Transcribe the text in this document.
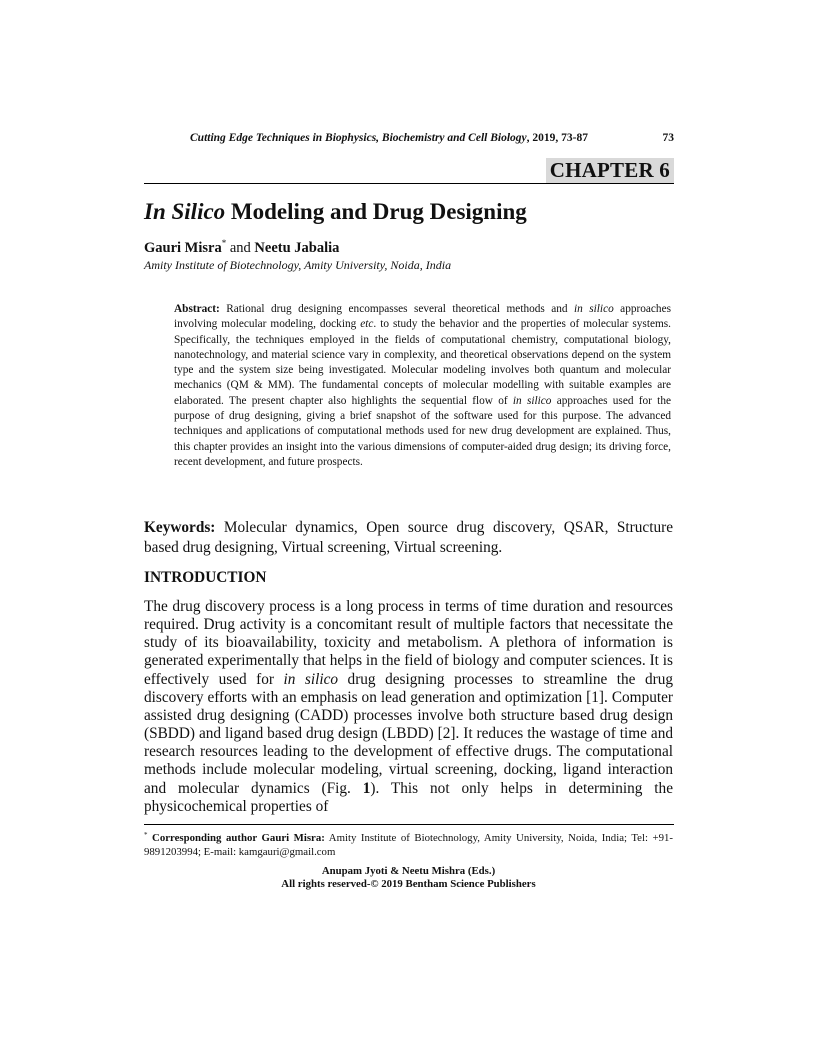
Cutting Edge Techniques in Biophysics, Biochemistry and Cell Biology, 2019, 73-87	73
CHAPTER 6
In Silico Modeling and Drug Designing
Gauri Misra* and Neetu Jabalia
Amity Institute of Biotechnology, Amity University, Noida, India

Abstract: Rational drug designing encompasses several theoretical methods and in silico approaches involving molecular modeling, docking etc. to study the behavior and the properties of molecular systems. Specifically, the techniques employed in the fields of computational chemistry, computational biology, nanotechnology, and material science vary in complexity, and theoretical observations depend on the system type and the system size being investigated. Molecular modeling involves both quantum and molecular mechanics (QM & MM). The fundamental concepts of molecular modelling with suitable examples are elaborated. The present chapter also highlights the sequential flow of in silico approaches used for the purpose of drug designing, giving a brief snapshot of the software used for this purpose. The advanced techniques and applications of computational methods used for new drug development are explained. Thus, this chapter provides an insight into the various dimensions of computer-aided drug design; its driving force, recent development, and future prospects.

Keywords: Molecular dynamics, Open source drug discovery, QSAR, Structure based drug designing, Virtual screening, Virtual screening.

INTRODUCTION

The drug discovery process is a long process in terms of time duration and resources required. Drug activity is a concomitant result of multiple factors that necessitate the study of its bioavailability, toxicity and metabolism. A plethora of information is generated experimentally that helps in the field of biology and computer sciences. It is effectively used for in silico drug designing processes to streamline the drug discovery efforts with an emphasis on lead generation and optimization [1]. Computer assisted drug designing (CADD) processes involve both structure based drug design (SBDD) and ligand based drug design (LBDD) [2]. It reduces the wastage of time and research resources leading to the development of effective drugs. The computational methods include molecular modeling, virtual screening, docking, ligand interaction and molecular dynamics (Fig. 1). This not only helps in determining the physicochemical properties of

* Corresponding author Gauri Misra: Amity Institute of Biotechnology, Amity University, Noida, India; Tel: +91-9891203994; E-mail: kamgauri@gmail.com

Anupam Jyoti & Neetu Mishra (Eds.)
All rights reserved-© 2019 Bentham Science Publishers
